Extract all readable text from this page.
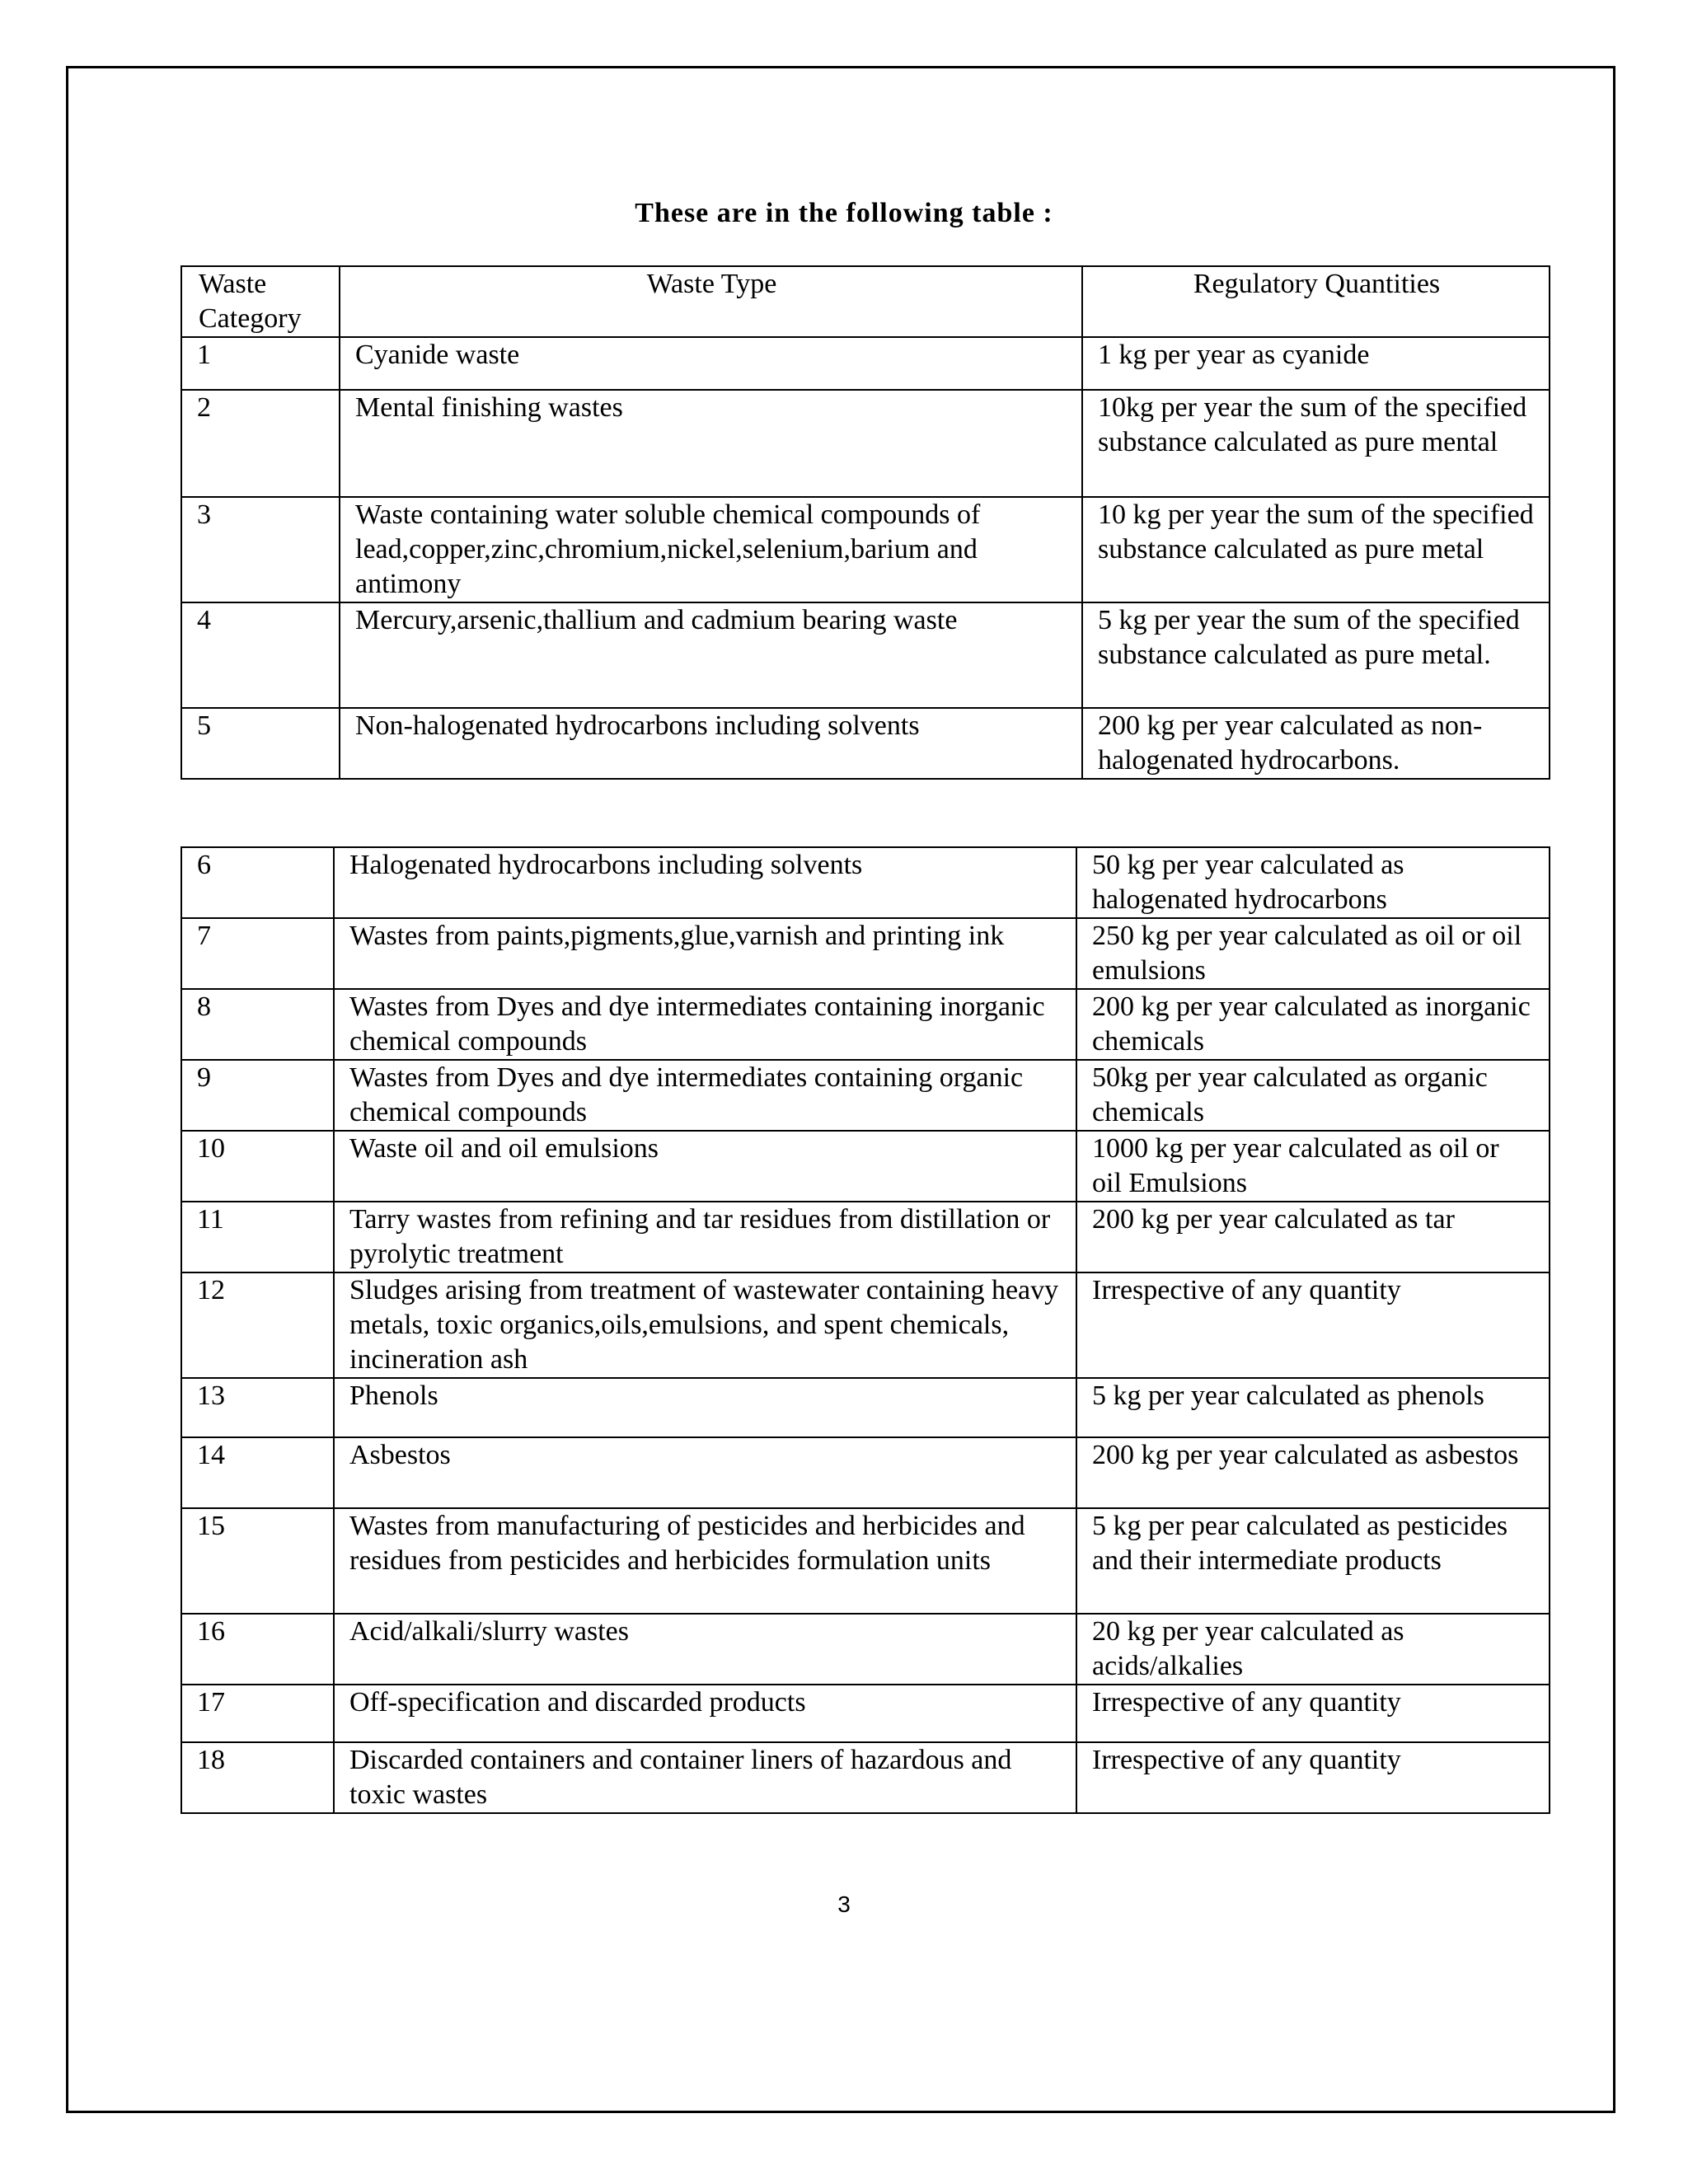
These are in the following table :
Waste Category	Waste Type	Regulatory Quantities
1	Cyanide waste	1 kg per year as cyanide
2	Mental finishing wastes	10kg per year the sum of the specified substance calculated as pure mental
3	Waste containing water soluble chemical compounds of lead,copper,zinc,chromium,nickel,selenium,barium and antimony	10 kg per year the sum of the specified substance calculated as pure metal
4	Mercury,arsenic,thallium and cadmium bearing waste	5 kg per year the sum of the specified substance calculated as pure metal.
5	Non-halogenated hydrocarbons including solvents	200 kg per year calculated as non-halogenated hydrocarbons.
6	Halogenated hydrocarbons including solvents	50 kg per year calculated as halogenated hydrocarbons
7	Wastes from paints,pigments,glue,varnish and printing ink	250 kg per year calculated as oil or oil emulsions
8	Wastes from Dyes and dye intermediates containing inorganic chemical compounds	200 kg per year calculated as inorganic chemicals
9	Wastes from Dyes and dye intermediates containing organic chemical compounds	50kg per year calculated as organic chemicals
10	Waste oil and oil emulsions	1000 kg per year calculated as oil or oil Emulsions
11	Tarry wastes from refining and tar residues from distillation or pyrolytic treatment	200 kg per year calculated as tar
12	Sludges arising from treatment of wastewater containing heavy metals, toxic organics,oils,emulsions, and spent chemicals, incineration ash	Irrespective of any quantity
13	Phenols	5 kg per year calculated as phenols
14	Asbestos	200 kg per year calculated as asbestos
15	Wastes from manufacturing of pesticides and herbicides and residues from pesticides and herbicides formulation units	5 kg per pear calculated as pesticides and their intermediate products
16	Acid/alkali/slurry wastes	20 kg per year calculated as acids/alkalies
17	Off-specification and discarded products	Irrespective of any quantity
18	Discarded containers and container liners of hazardous and toxic wastes	Irrespective of any quantity
3
